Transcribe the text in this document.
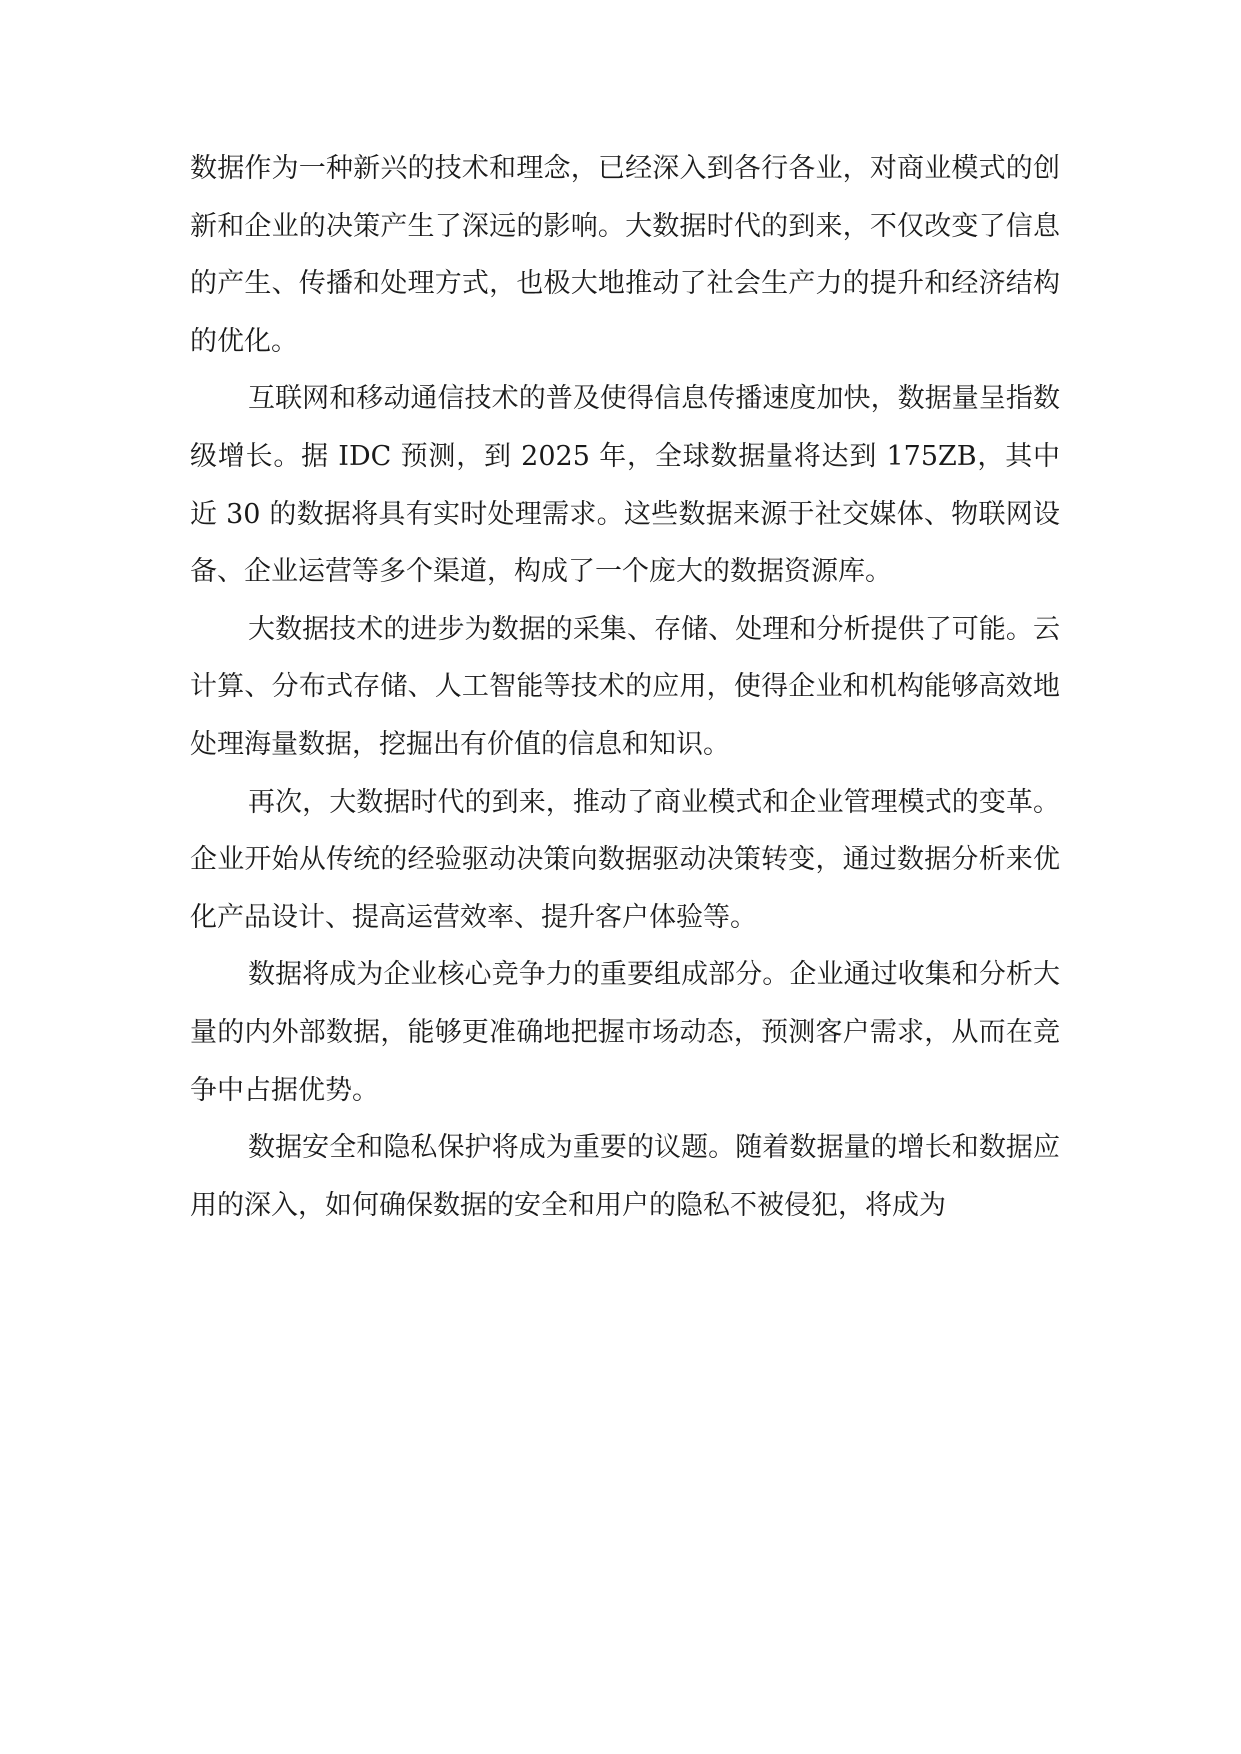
数据作为一种新兴的技术和理念，已经深入到各行各业，对商业模式的创新和企业的决策产生了深远的影响。大数据时代的到来，不仅改变了信息的产生、传播和处理方式，也极大地推动了社会生产力的提升和经济结构的优化。

互联网和移动通信技术的普及使得信息传播速度加快，数据量呈指数级增长。据 IDC 预测，到 2025 年，全球数据量将达到 175ZB，其中近 30 的数据将具有实时处理需求。这些数据来源于社交媒体、物联网设备、企业运营等多个渠道，构成了一个庞大的数据资源库。

大数据技术的进步为数据的采集、存储、处理和分析提供了可能。云计算、分布式存储、人工智能等技术的应用，使得企业和机构能够高效地处理海量数据，挖掘出有价值的信息和知识。

再次，大数据时代的到来，推动了商业模式和企业管理模式的变革。企业开始从传统的经验驱动决策向数据驱动决策转变，通过数据分析来优化产品设计、提高运营效率、提升客户体验等。

数据将成为企业核心竞争力的重要组成部分。企业通过收集和分析大量的内外部数据，能够更准确地把握市场动态，预测客户需求，从而在竞争中占据优势。

数据安全和隐私保护将成为重要的议题。随着数据量的增长和数据应用的深入，如何确保数据的安全和用户的隐私不被侵犯，将成为
